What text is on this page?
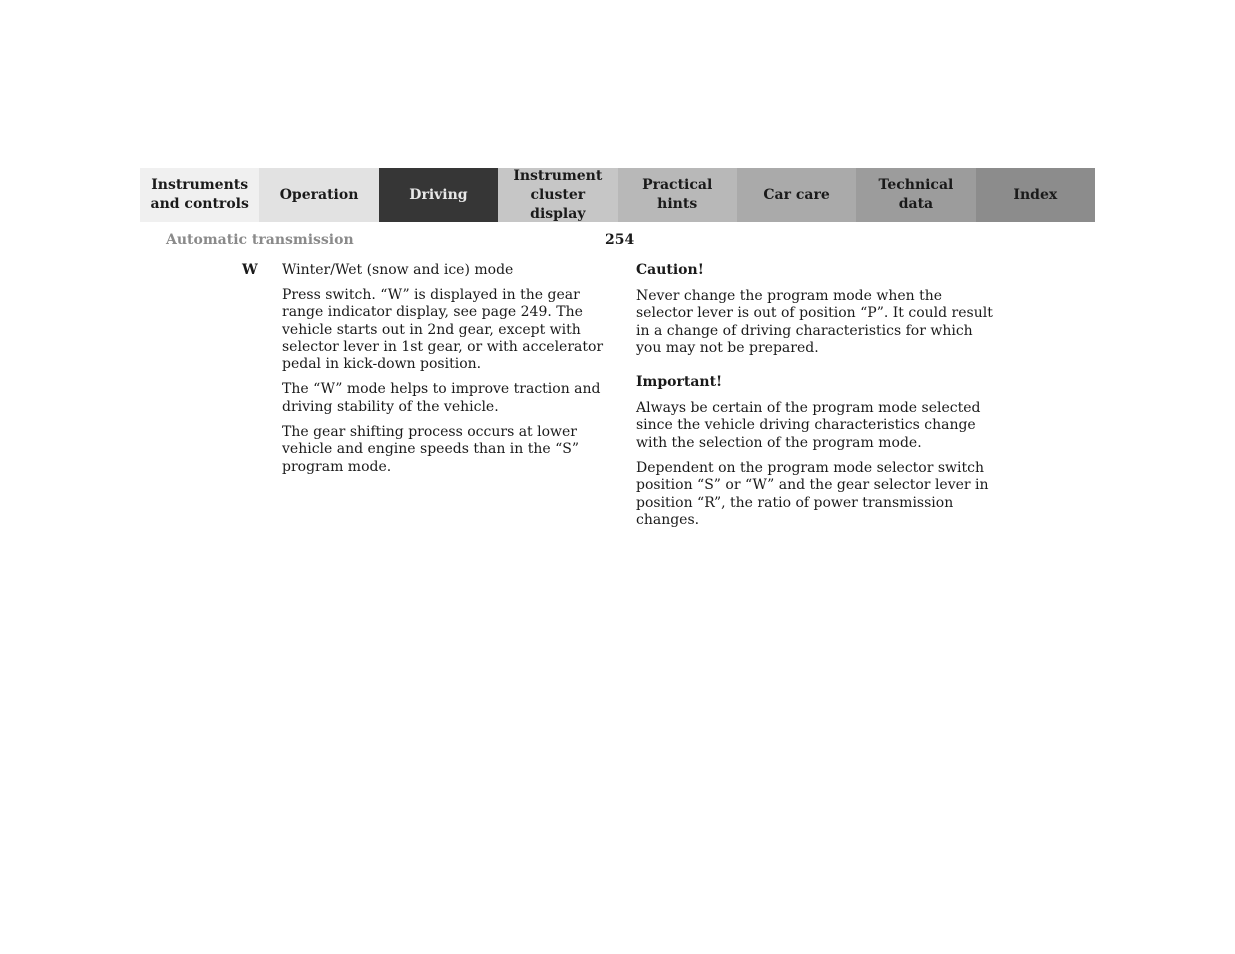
Instruments
and controls
Operation	Driving
Instrument
cluster display
Practical hints
Car care
Technical
data
Index
Automatic transmission	254
W Winter/Wet (snow and ice) mode

Press switch. “W” is displayed in the gear range indicator display, see page 249. The vehicle starts out in 2nd gear, except with selector lever in 1st gear, or with accelerator pedal in kick-down position.

The “W” mode helps to improve traction and driving stability of the vehicle.

The gear shifting process occurs at lower vehicle and engine speeds than in the “S” program mode.

Caution!

Never change the program mode when the selector lever is out of position “P”. It could result in a change of driving characteristics for which you may not be prepared.

Important!

Always be certain of the program mode selected since the vehicle driving characteristics change with the selection of the program mode.

Dependent on the program mode selector switch position “S” or “W” and the gear selector lever in position “R”, the ratio of power transmission changes.
